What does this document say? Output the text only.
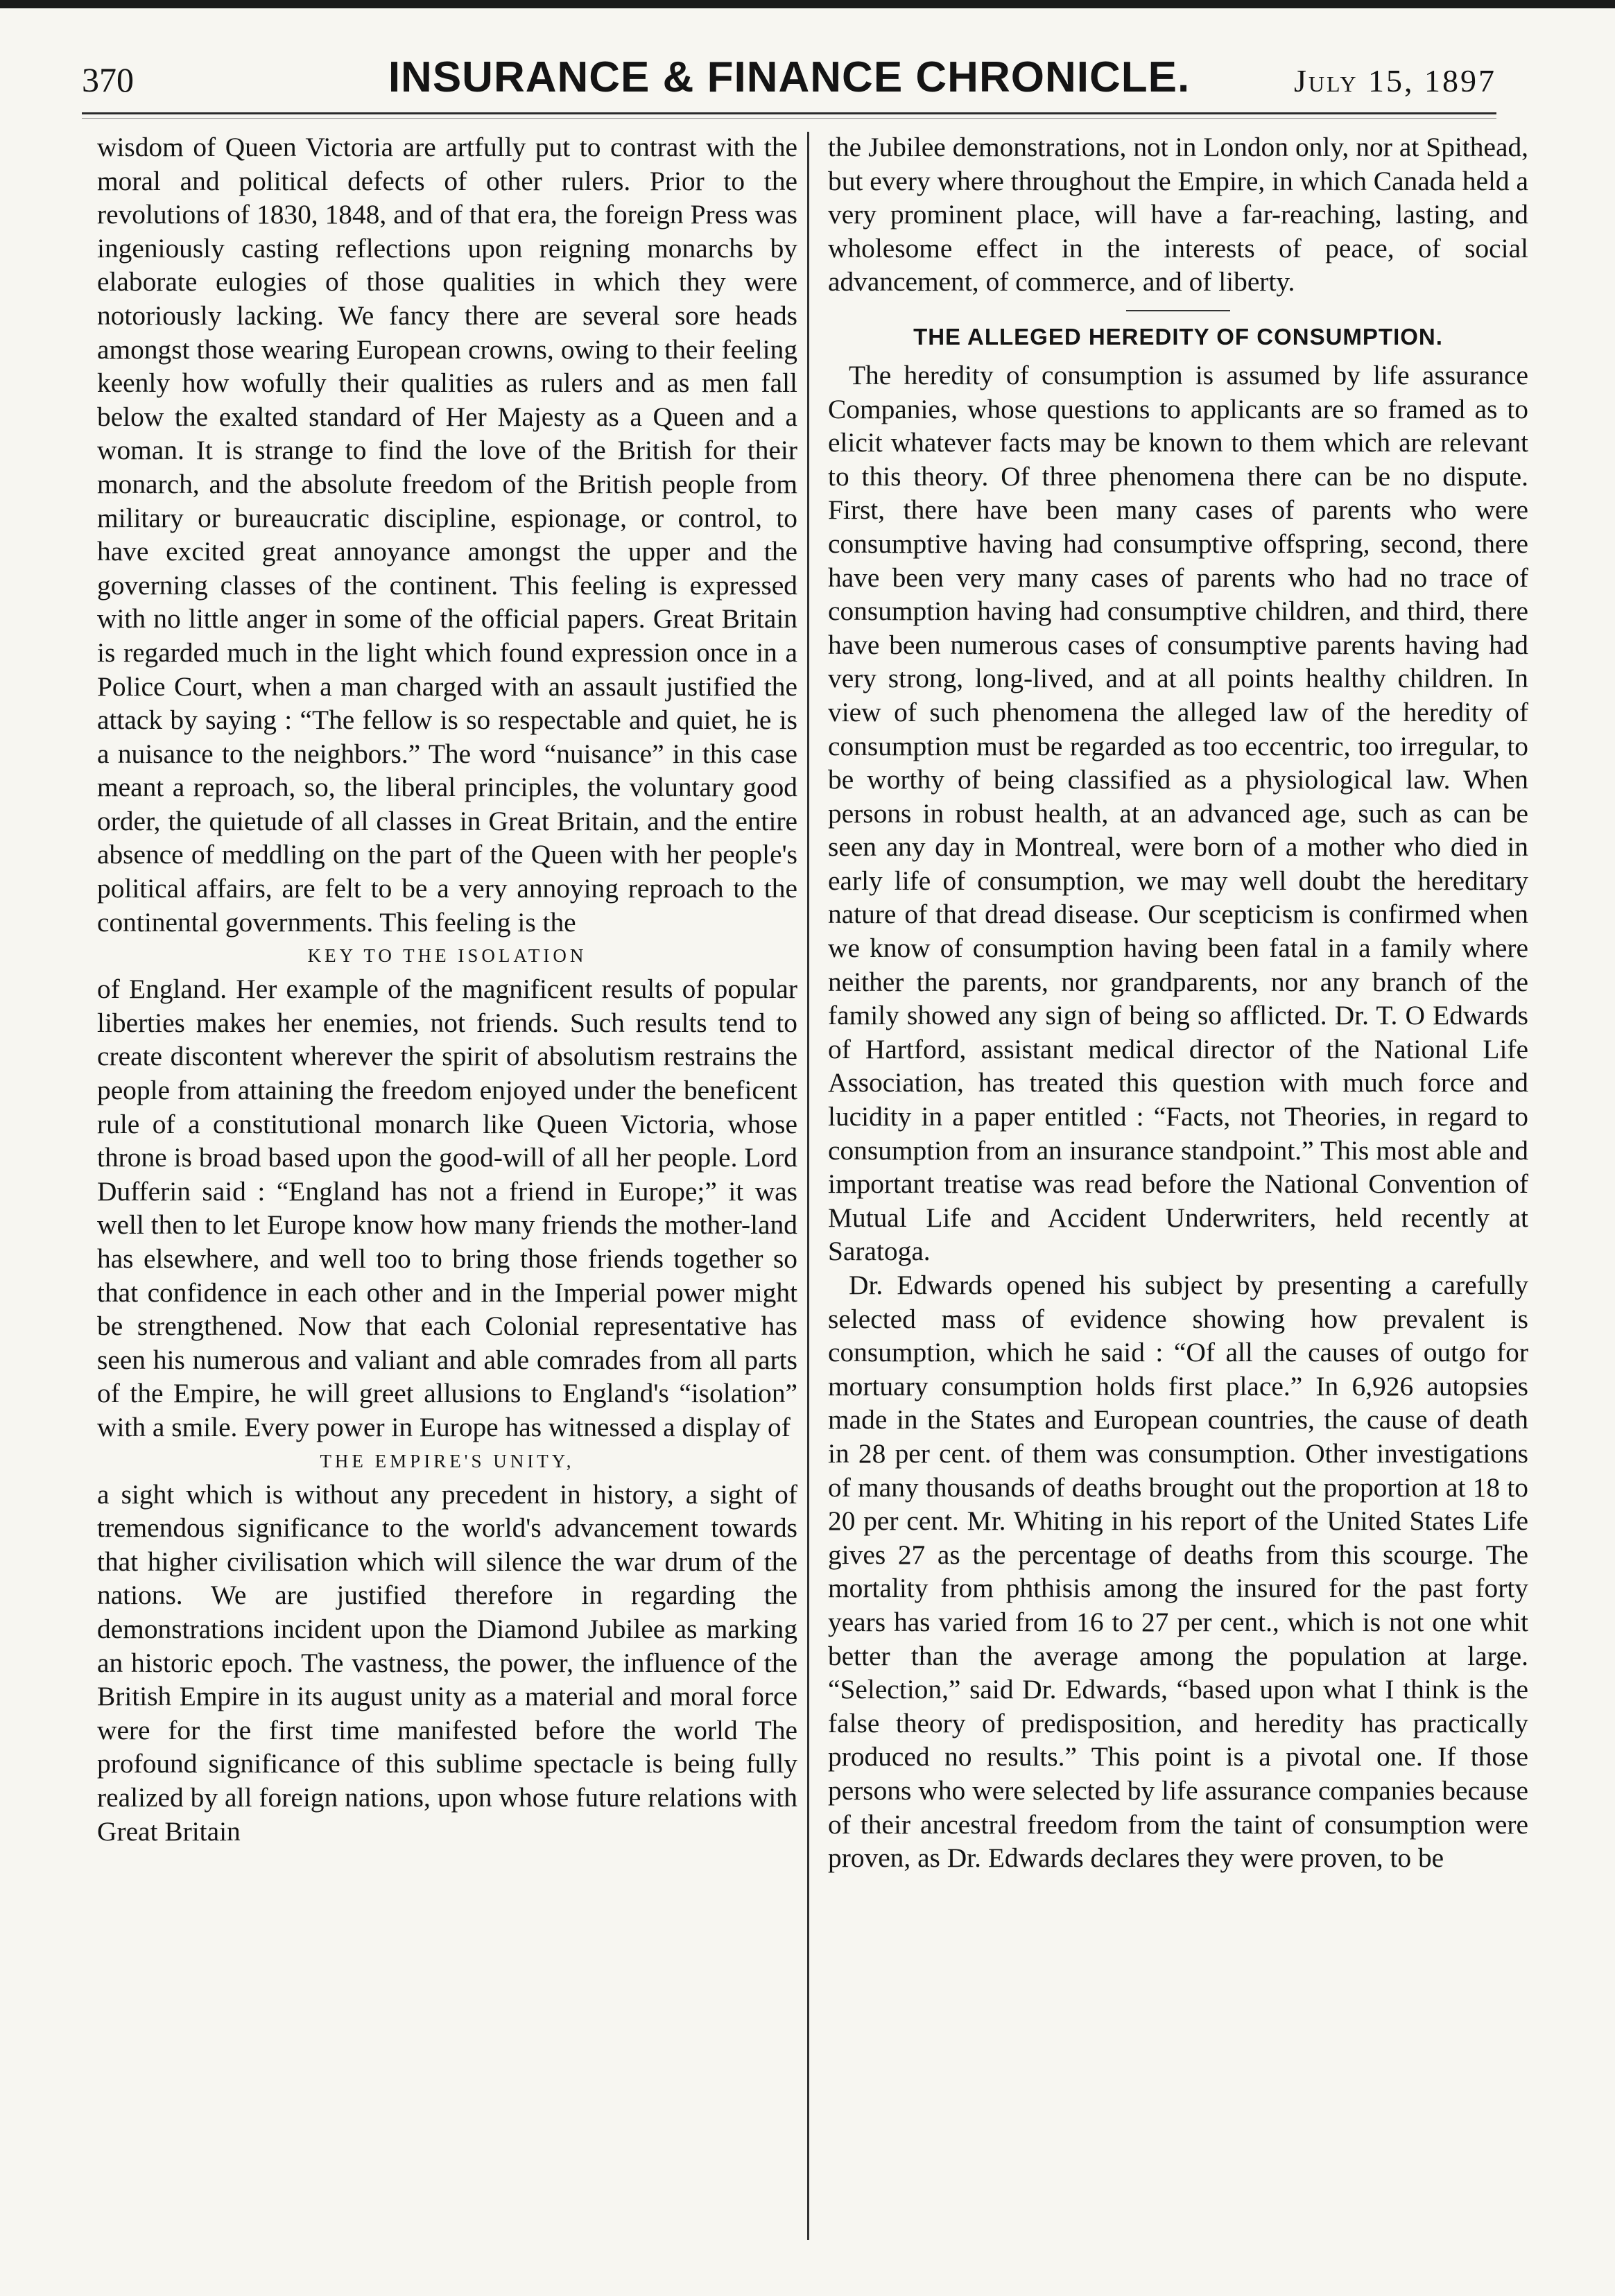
370	INSURANCE & FINANCE CHRONICLE.	July 15, 1897

wisdom of Queen Victoria are artfully put to contrast with the moral and political defects of other rulers. Prior to the revolutions of 1830, 1848, and of that era, the foreign Press was ingeniously casting reflections upon reigning monarchs by elaborate eulogies of those qualities in which they were notoriously lacking. We fancy there are several sore heads amongst those wearing European crowns, owing to their feeling keenly how wofully their qualities as rulers and as men fall below the exalted standard of Her Majesty as a Queen and a woman. It is strange to find the love of the British for their monarch, and the absolute freedom of the British people from military or bureaucratic discipline, espionage, or control, to have excited great annoyance amongst the upper and the governing classes of the continent. This feeling is expressed with no little anger in some of the official papers. Great Britain is regarded much in the light which found expression once in a Police Court, when a man charged with an assault justified the attack by saying : “The fellow is so respectable and quiet, he is a nuisance to the neighbors.” The word “nuisance” in this case meant a reproach, so, the liberal principles, the voluntary good order, the quietude of all classes in Great Britain, and the entire absence of meddling on the part of the Queen with her people's political affairs, are felt to be a very annoying reproach to the continental governments. This feeling is the

KEY TO THE ISOLATION

of England. Her example of the magnificent results of popular liberties makes her enemies, not friends. Such results tend to create discontent wherever the spirit of absolutism restrains the people from attaining the freedom enjoyed under the beneficent rule of a constitutional monarch like Queen Victoria, whose throne is broad based upon the good-will of all her people. Lord Dufferin said : “England has not a friend in Europe;” it was well then to let Europe know how many friends the mother-land has elsewhere, and well too to bring those friends together so that confidence in each other and in the Imperial power might be strengthened. Now that each Colonial representative has seen his numerous and valiant and able comrades from all parts of the Empire, he will greet allusions to England's “isolation” with a smile. Every power in Europe has witnessed a display of

THE EMPIRE'S UNITY,

a sight which is without any precedent in history, a sight of tremendous significance to the world's advancement towards that higher civilisation which will silence the war drum of the nations. We are justified therefore in regarding the demonstrations incident upon the Diamond Jubilee as marking an historic epoch. The vastness, the power, the influence of the British Empire in its august unity as a material and moral force were for the first time manifested before the world The profound significance of this sublime spectacle is being fully realized by all foreign nations, upon whose future relations with Great Britain

the Jubilee demonstrations, not in London only, nor at Spithead, but every where throughout the Empire, in which Canada held a very prominent place, will have a far-reaching, lasting, and wholesome effect in the interests of peace, of social advancement, of commerce, and of liberty.

THE ALLEGED HEREDITY OF CONSUMPTION.

The heredity of consumption is assumed by life assurance Companies, whose questions to applicants are so framed as to elicit whatever facts may be known to them which are relevant to this theory. Of three phenomena there can be no dispute. First, there have been many cases of parents who were consumptive having had consumptive offspring, second, there have been very many cases of parents who had no trace of consumption having had consumptive children, and third, there have been numerous cases of consumptive parents having had very strong, long-lived, and at all points healthy children. In view of such phenomena the alleged law of the heredity of consumption must be regarded as too eccentric, too irregular, to be worthy of being classified as a physiological law. When persons in robust health, at an advanced age, such as can be seen any day in Montreal, were born of a mother who died in early life of consumption, we may well doubt the hereditary nature of that dread disease. Our scepticism is confirmed when we know of consumption having been fatal in a family where neither the parents, nor grandparents, nor any branch of the family showed any sign of being so afflicted. Dr. T. O Edwards of Hartford, assistant medical director of the National Life Association, has treated this question with much force and lucidity in a paper entitled : “Facts, not Theories, in regard to consumption from an insurance standpoint.” This most able and important treatise was read before the National Convention of Mutual Life and Accident Underwriters, held recently at Saratoga.

Dr. Edwards opened his subject by presenting a carefully selected mass of evidence showing how prevalent is consumption, which he said : “Of all the causes of outgo for mortuary consumption holds first place.” In 6,926 autopsies made in the States and European countries, the cause of death in 28 per cent. of them was consumption. Other investigations of many thousands of deaths brought out the proportion at 18 to 20 per cent. Mr. Whiting in his report of the United States Life gives 27 as the percentage of deaths from this scourge. The mortality from phthisis among the insured for the past forty years has varied from 16 to 27 per cent., which is not one whit better than the average among the population at large. “Selection,” said Dr. Edwards, “based upon what I think is the false theory of predisposition, and heredity has practically produced no results.” This point is a pivotal one. If those persons who were selected by life assurance companies because of their ancestral freedom from the taint of consumption were proven, as Dr. Edwards declares they were proven, to be
